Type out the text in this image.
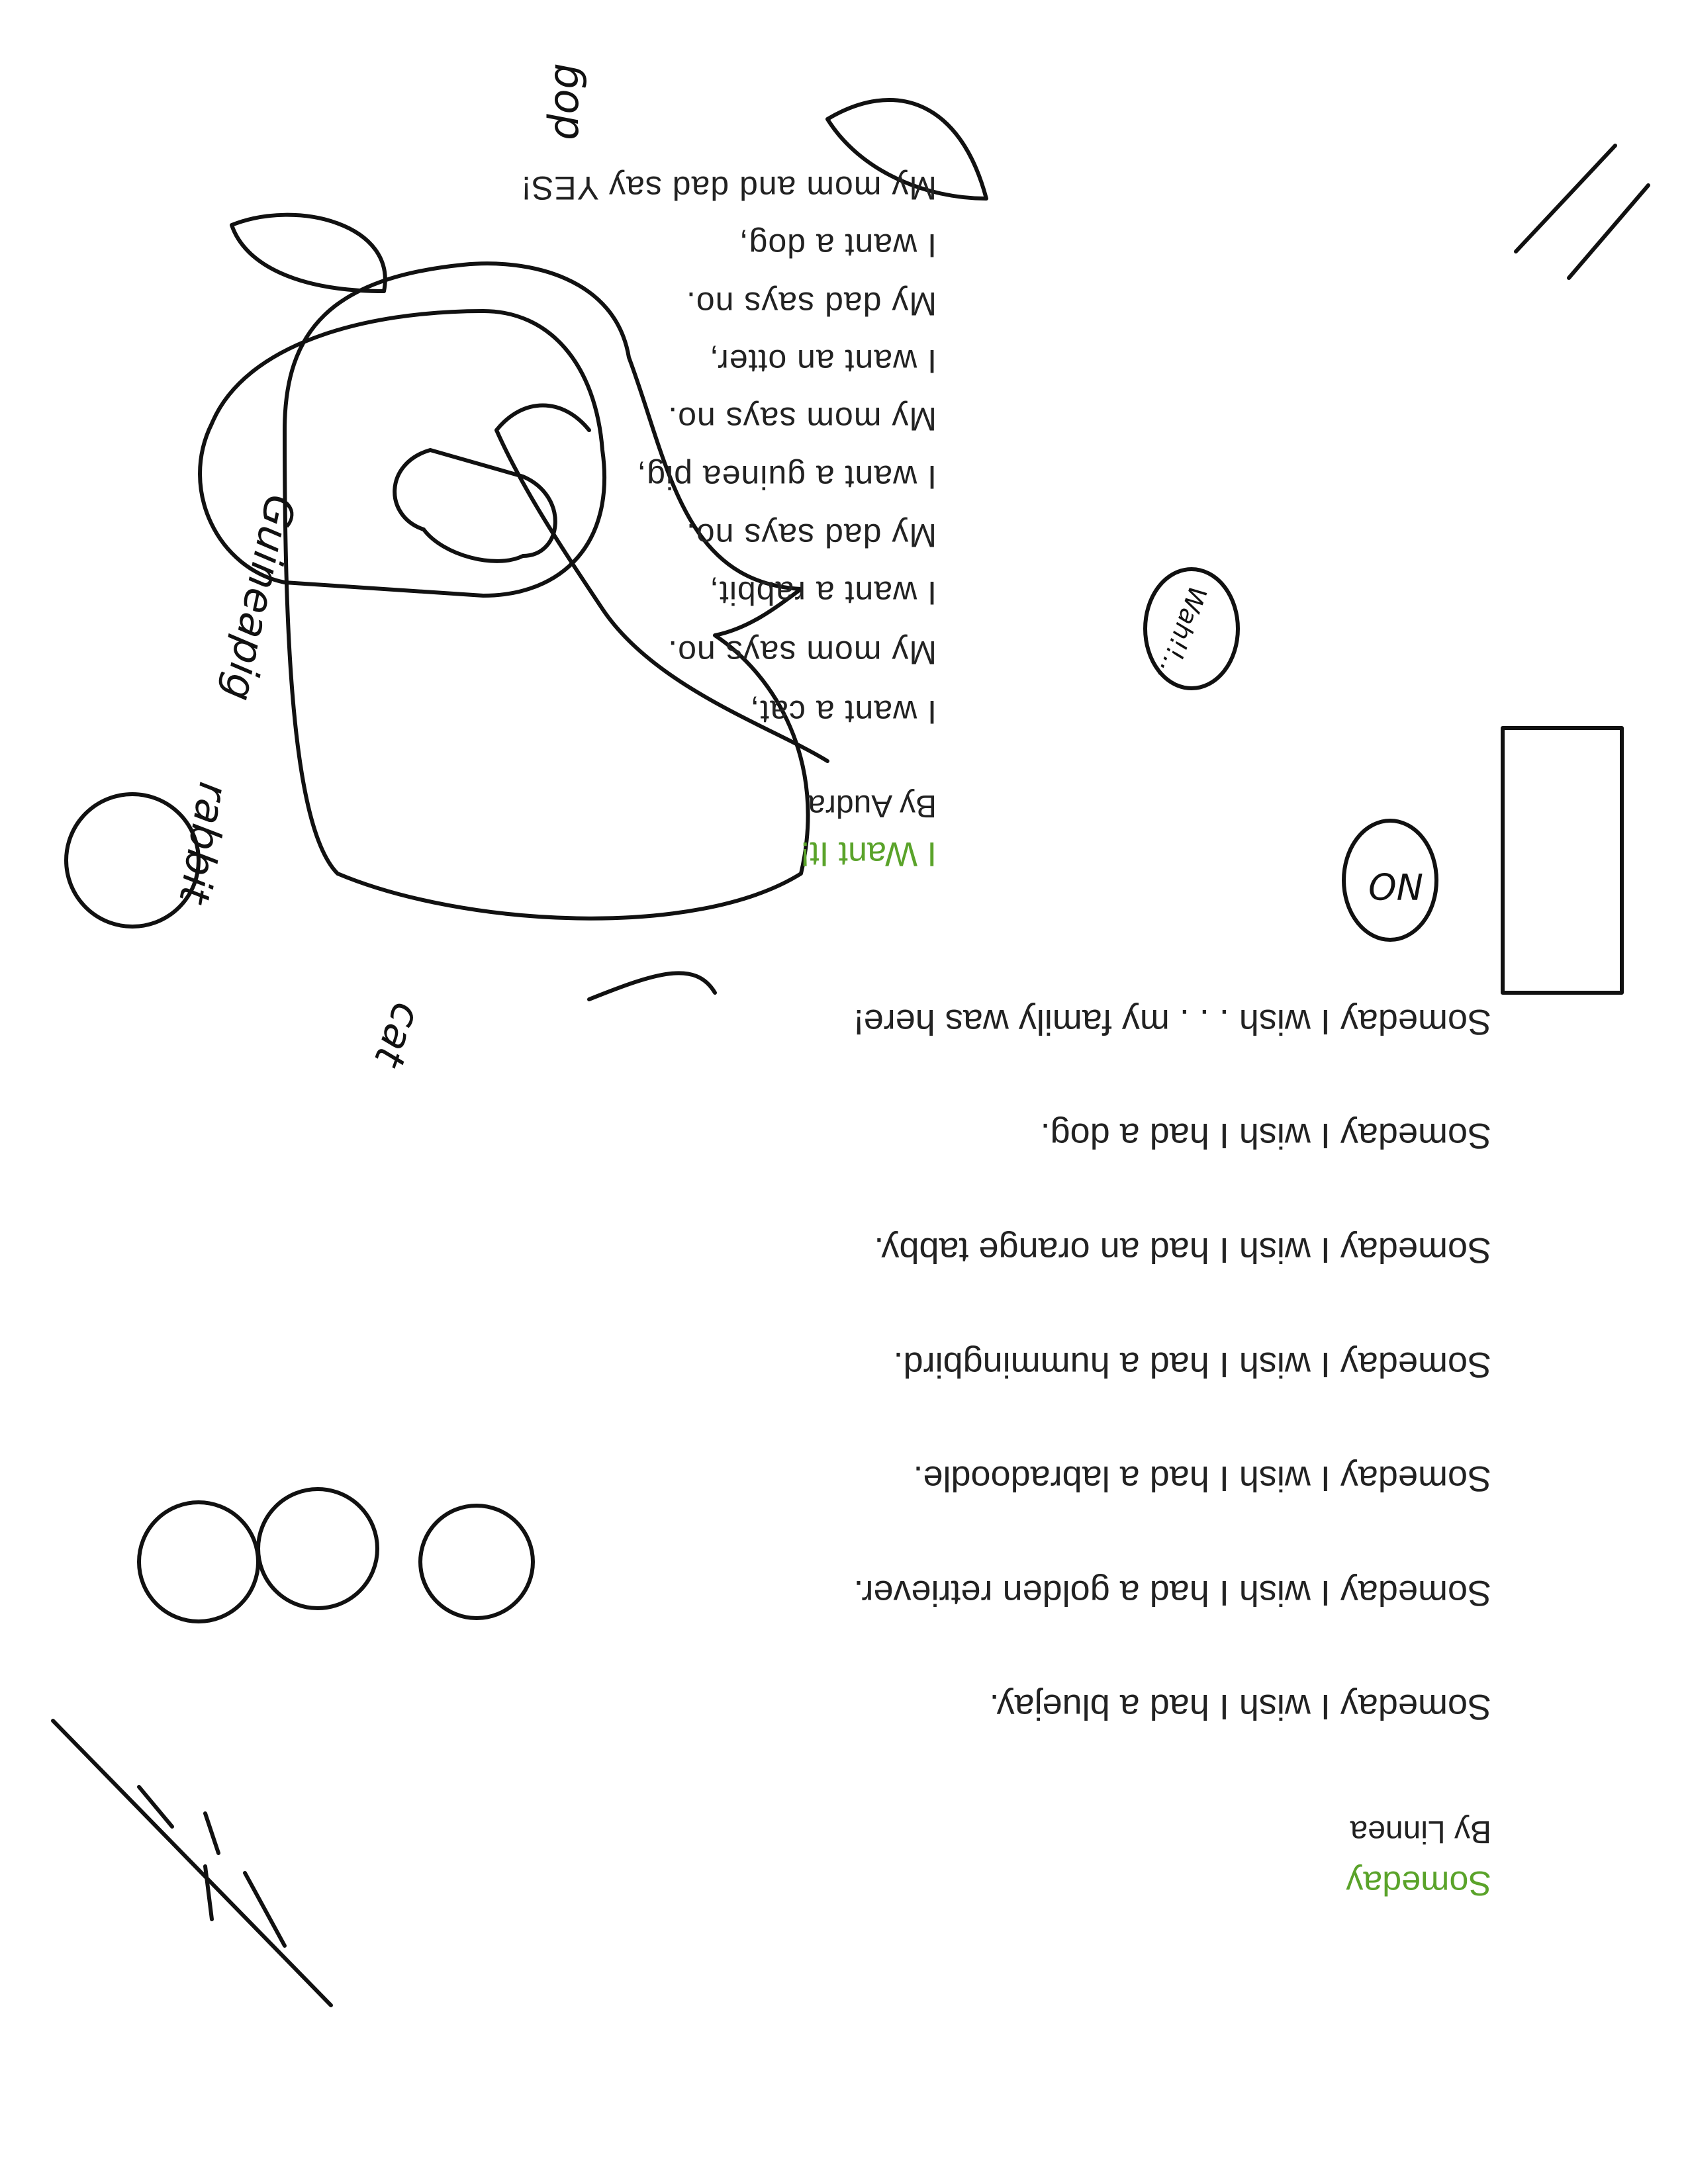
Someday
By Linnea
Someday I wish I had a bluejay.
Someday I wish I had a golden retriever.
Someday I wish I had a labradoodle.
Someday I wish I had a hummingbird.
Someday I wish I had an orange tabby.
Someday I wish I had a dog.
Someday I wish . . . my family was here!
I Want It!
By Audra
I want a cat,
My mom says no.
I want a rabbit,
My dad says no.
I want a guinea pig,
My mom says no.
I want an otter,
My dad says no.
I want a dog,
My mom and dad say YES!
dog
Guineapig
rabbit
cat
NO
Wah!!...
